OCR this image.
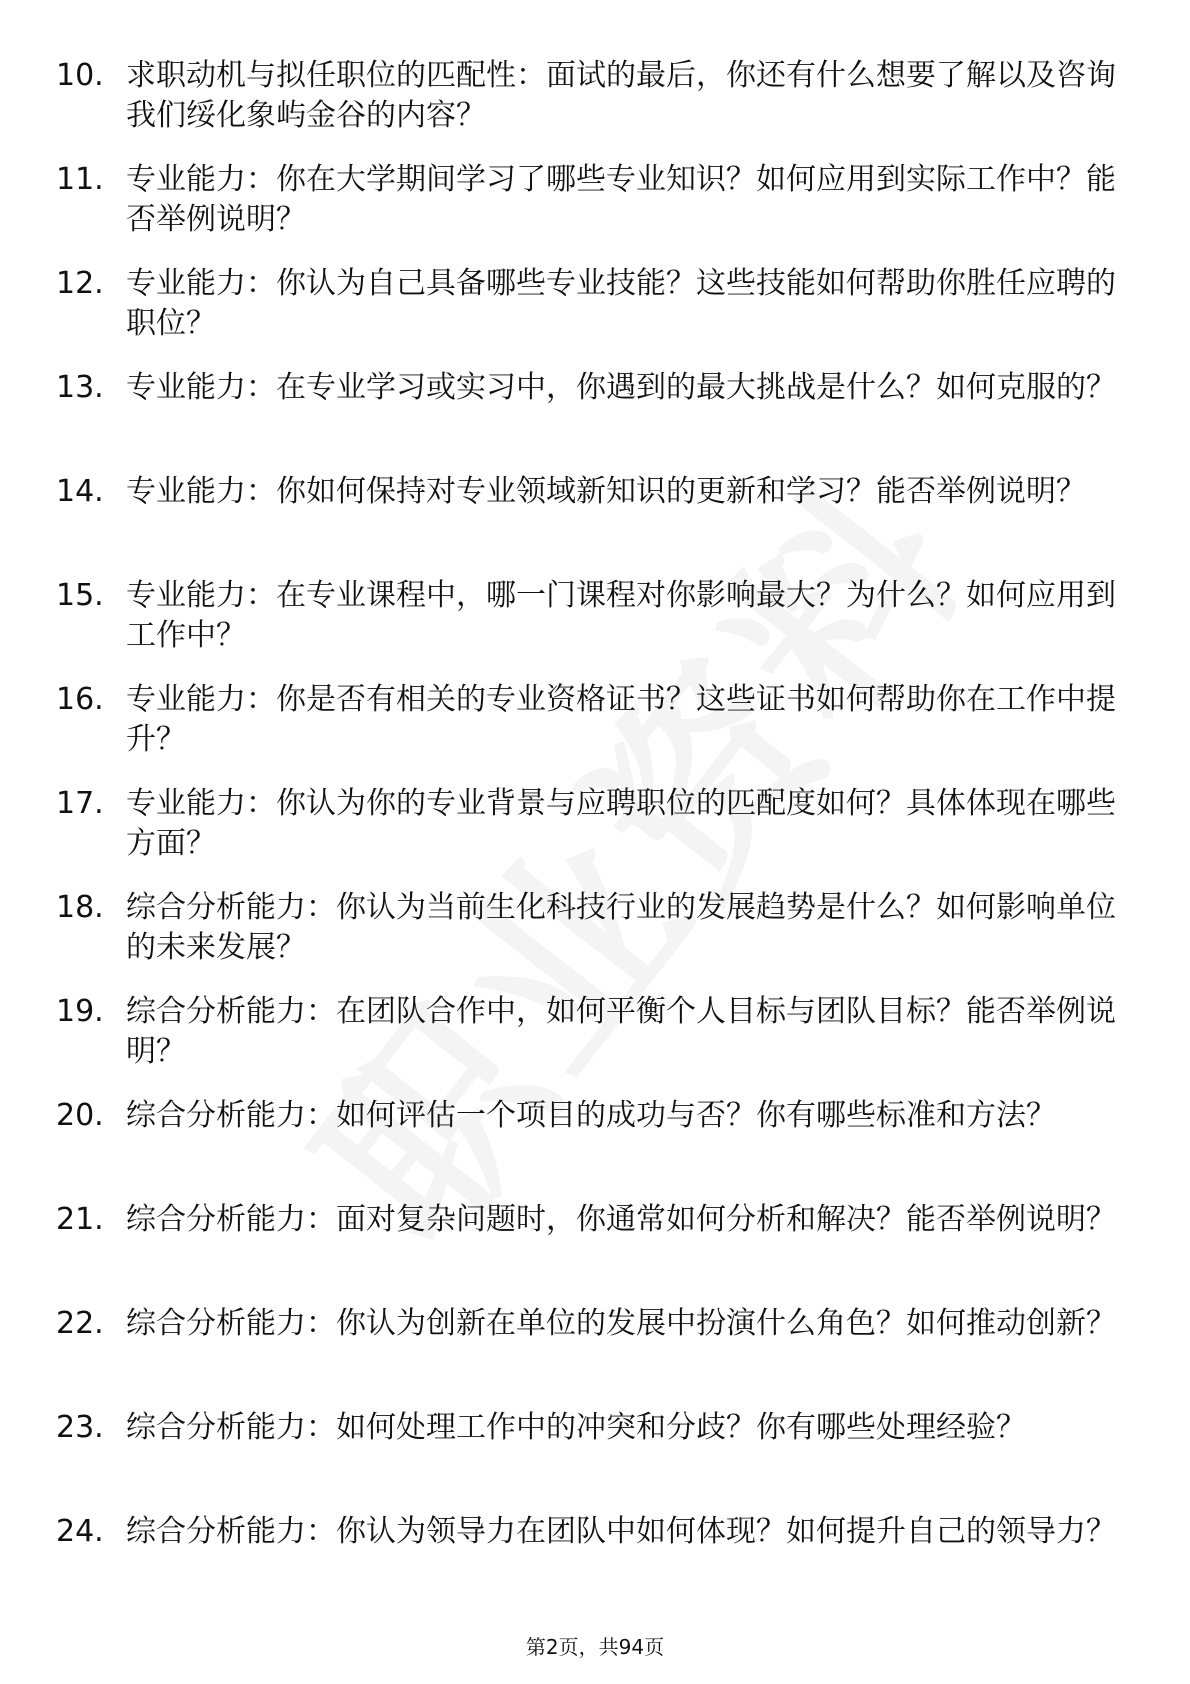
10. 求职动机与拟任职位的匹配性：面试的最后，你还有什么想要了解以及咨询我们绥化象屿金谷的内容？
11. 专业能力：你在大学期间学习了哪些专业知识？如何应用到实际工作中？能否举例说明？
12. 专业能力：你认为自己具备哪些专业技能？这些技能如何帮助你胜任应聘的职位？
13. 专业能力：在专业学习或实习中，你遇到的最大挑战是什么？如何克服的？
14. 专业能力：你如何保持对专业领域新知识的更新和学习？能否举例说明？
15. 专业能力：在专业课程中，哪一门课程对你影响最大？为什么？如何应用到工作中？
16. 专业能力：你是否有相关的专业资格证书？这些证书如何帮助你在工作中提升？
17. 专业能力：你认为你的专业背景与应聘职位的匹配度如何？具体体现在哪些方面？
18. 综合分析能力：你认为当前生化科技行业的发展趋势是什么？如何影响单位的未来发展？
19. 综合分析能力：在团队合作中，如何平衡个人目标与团队目标？能否举例说明？
20. 综合分析能力：如何评估一个项目的成功与否？你有哪些标准和方法？
21. 综合分析能力：面对复杂问题时，你通常如何分析和解决？能否举例说明？
22. 综合分析能力：你认为创新在单位的发展中扮演什么角色？如何推动创新？
23. 综合分析能力：如何处理工作中的冲突和分歧？你有哪些处理经验？
24. 综合分析能力：你认为领导力在团队中如何体现？如何提升自己的领导力？
第2页，共94页
